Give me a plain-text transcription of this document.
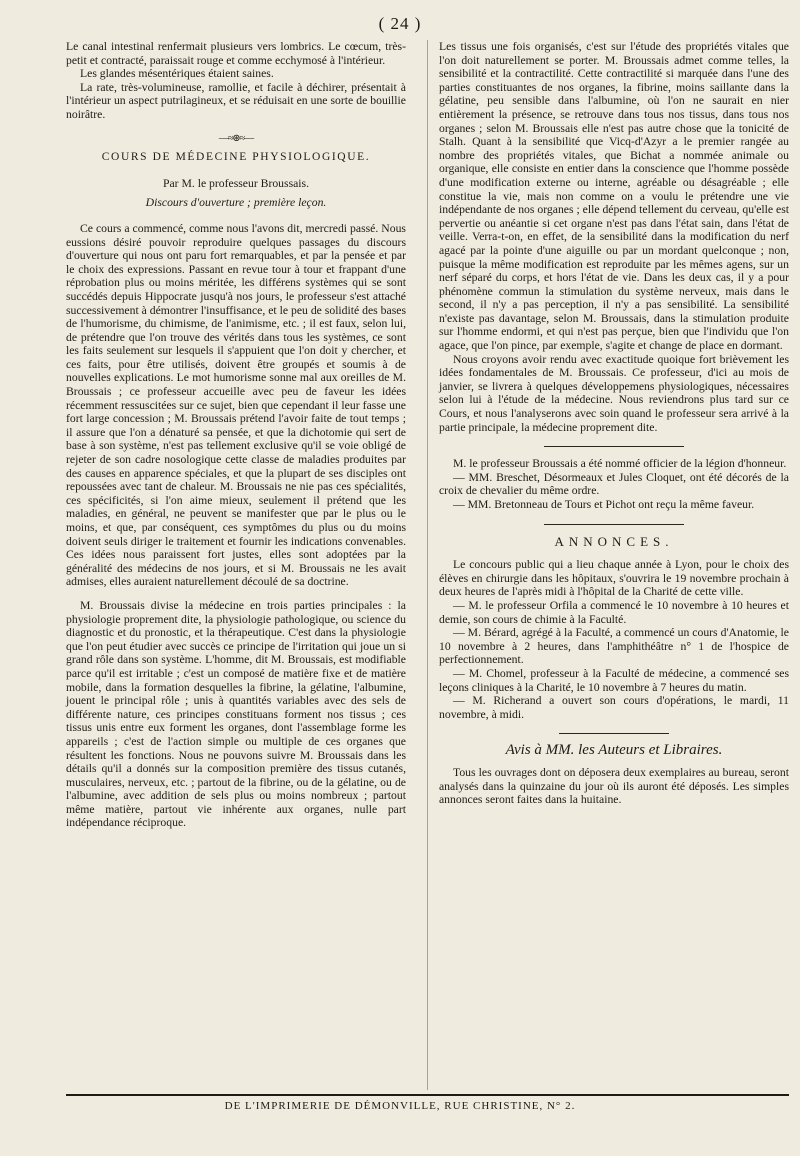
( 24 )

Le canal intestinal renfermait plusieurs vers lombrics. Le cœcum, très-petit et contracté, paraissait rouge et comme ecchymosé à l'intérieur.

Les glandes mésentériques étaient saines.

La rate, très-volumineuse, ramollie, et facile à déchirer, présentait à l'intérieur un aspect putrilagineux, et se réduisait en une sorte de bouillie noirâtre.

—≈⊛≈—
COURS DE MÉDECINE PHYSIOLOGIQUE.
Par M. le professeur Broussais.
Discours d'ouverture ; première leçon.

Ce cours a commencé, comme nous l'avons dit, mercredi passé. Nous eussions désiré pouvoir reproduire quelques passages du discours d'ouverture qui nous ont paru fort remarquables, et par la pensée et par le choix des expressions. Passant en revue tour à tour et frappant d'une réprobation plus ou moins méritée, les différens systèmes qui se sont succédés depuis Hippocrate jusqu'à nos jours, le professeur s'est attaché successivement à démontrer l'insuffisance, et le peu de solidité des bases de l'humorisme, du chimisme, de l'animisme, etc. ; il est faux, selon lui, de prétendre que l'on trouve des vérités dans tous les systèmes, ce sont les faits seulement sur lesquels il s'appuient que l'on doit y chercher, et ces faits, pour être utilisés, doivent être groupés et soumis à de nouvelles explications. Le mot humorisme sonne mal aux oreilles de M. Broussais ; ce professeur accueille avec peu de faveur les idées récemment ressuscitées sur ce sujet, bien que cependant il leur fasse une fort large concession ; M. Broussais prétend l'avoir faite de tout temps ; il assure que l'on a dénaturé sa pensée, et que la dichotomie qui sert de base à son système, n'est pas tellement exclusive qu'il se voie obligé de rejeter de son cadre nosologique cette classe de maladies produites par des causes en apparence spéciales, et que la plupart de ses disciples ont repoussées avec tant de chaleur. M. Broussais ne nie pas ces spécialités, ces spécificités, si l'on aime mieux, seulement il prétend que les maladies, en général, ne peuvent se manifester que par le plus ou le moins, et que, par conséquent, ces symptômes du plus ou du moins doivent seuls diriger le traitement et fournir les indications convenables. Ces idées nous paraissent fort justes, elles sont adoptées par la généralité des médecins de nos jours, et si M. Broussais ne les avait admises, elles auraient naturellement découlé de sa doctrine.

M. Broussais divise la médecine en trois parties principales : la physiologie proprement dite, la physiologie pathologique, ou science du diagnostic et du pronostic, et la thérapeutique. C'est dans la physiologie que l'on peut étudier avec succès ce principe de l'irritation qui joue un si grand rôle dans son système. L'homme, dit M. Broussais, est modifiable parce qu'il est irritable ; c'est un composé de matière fixe et de matière mobile, dans la formation desquelles la fibrine, la gélatine, l'albumine, jouent le principal rôle ; unis à quantités variables avec des sels de différente nature, ces principes constituans forment nos tissus ; ces tissus unis entre eux forment les organes, dont l'assemblage forme les appareils ; c'est de l'action simple ou multiple de ces organes que résultent les fonctions. Nous ne pouvons suivre M. Broussais dans les détails qu'il a donnés sur la composition première des tissus cutanés, musculaires, nerveux, etc. ; partout de la fibrine, ou de la gélatine, ou de l'albumine, avec addition de sels plus ou moins nombreux ; partout même matière, partout vie inhérente aux organes, nulle part indépendance réciproque.

Les tissus une fois organisés, c'est sur l'étude des propriétés vitales que l'on doit naturellement se porter. M. Broussais admet comme telles, la sensibilité et la contractilité. Cette contractilité si marquée dans l'une des parties constituantes de nos organes, la fibrine, moins saillante dans la gélatine, peu sensible dans l'albumine, où l'on ne saurait en nier entièrement la présence, se retrouve dans tous nos tissus, dans tous nos organes ; selon M. Broussais elle n'est pas autre chose que la tonicité de Stalh. Quant à la sensibilité que Vicq-d'Azyr a le premier rangée au nombre des propriétés vitales, que Bichat a nommée animale ou organique, elle consiste en entier dans la conscience que l'homme possède d'une modification externe ou interne, agréable ou désagréable ; elle constitue la vie, mais non comme on a voulu le prétendre une vie indépendante de nos organes ; elle dépend tellement du cerveau, qu'elle est pervertie ou anéantie si cet organe n'est pas dans l'état sain, dans l'état de veille. Verra-t-on, en effet, de la sensibilité dans la modification du nerf agacé par la pointe d'une aiguille ou par un mordant quelconque ; non, puisque la même modification est reproduite par les mêmes agens, sur un nerf séparé du corps, et hors l'état de vie. Dans les deux cas, il y a pour phénomène commun la stimulation du système nerveux, mais dans le second, il n'y a pas perception, il n'y a pas sensibilité. La sensibilité n'existe pas davantage, selon M. Broussais, dans la stimulation produite sur l'homme endormi, et qui n'est pas perçue, bien que l'individu que l'on agace, que l'on pince, par exemple, s'agite et change de place en dormant.

Nous croyons avoir rendu avec exactitude quoique fort brièvement les idées fondamentales de M. Broussais. Ce professeur, d'ici au mois de janvier, se livrera à quelques développemens physiologiques, nécessaires selon lui à l'étude de la médecine. Nous reviendrons plus tard sur ce Cours, et nous l'analyserons avec soin quand le professeur sera arrivé à la partie principale, la médecine proprement dite.

M. le professeur Broussais a été nommé officier de la légion d'honneur.

— MM. Breschet, Désormeaux et Jules Cloquet, ont été décorés de la croix de chevalier du même ordre.

— MM. Bretonneau de Tours et Pichot ont reçu la même faveur.

ANNONCES.

Le concours public qui a lieu chaque année à Lyon, pour le choix des élèves en chirurgie dans les hôpitaux, s'ouvrira le 19 novembre prochain à deux heures de l'après midi à l'hôpital de la Charité de cette ville.

— M. le professeur Orfila a commencé le 10 novembre à 10 heures et demie, son cours de chimie à la Faculté.

— M. Bérard, agrégé à la Faculté, a commencé un cours d'Anatomie, le 10 novembre à 2 heures, dans l'amphithéâtre n° 1 de l'hospice de perfectionnement.

— M. Chomel, professeur à la Faculté de médecine, a commencé ses leçons cliniques à la Charité, le 10 novembre à 7 heures du matin.

— M. Richerand a ouvert son cours d'opérations, le mardi, 11 novembre, à midi.

Avis à MM. les Auteurs et Libraires.

Tous les ouvrages dont on déposera deux exemplaires au bureau, seront analysés dans la quinzaine du jour où ils auront été déposés. Les simples annonces seront faites dans la huitaine.

DE L'IMPRIMERIE DE DÉMONVILLE, RUE CHRISTINE, N° 2.
